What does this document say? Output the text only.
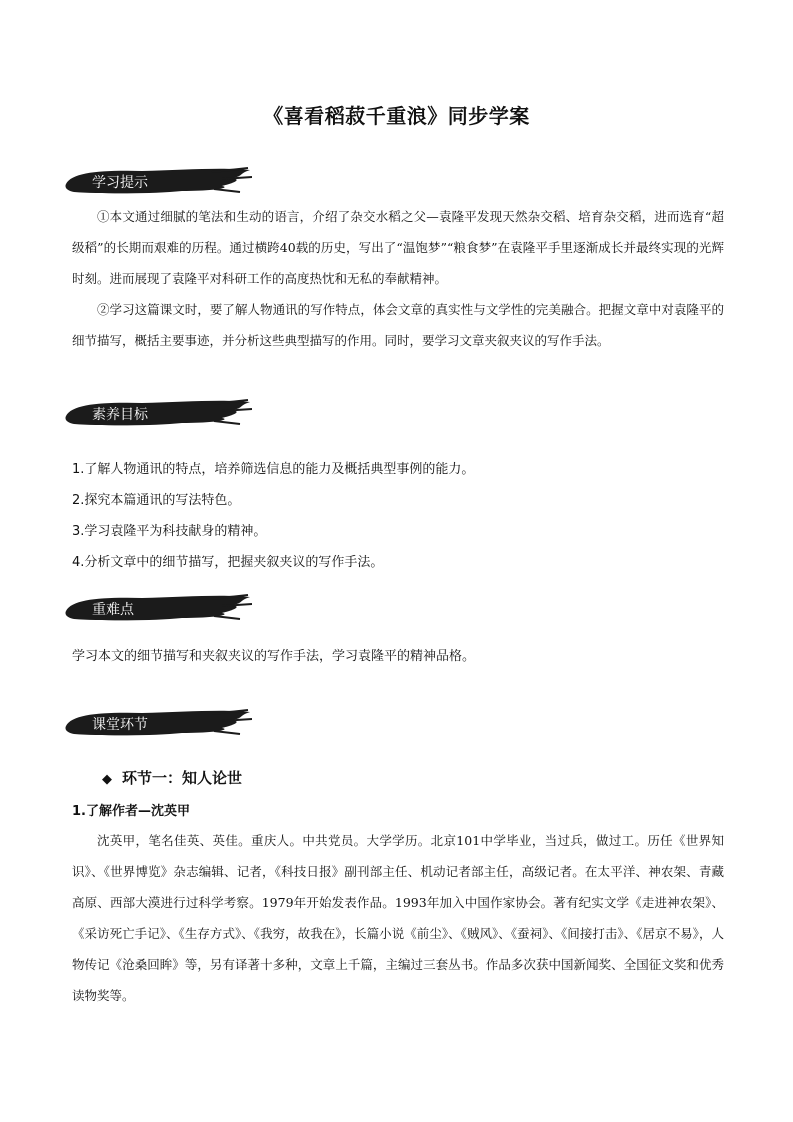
《喜看稻菽千重浪》同步学案
学习提示
①本文通过细腻的笔法和生动的语言，介绍了杂交水稻之父—袁隆平发现天然杂交稻、培育杂交稻，进而选育“超级稻”的长期而艰难的历程。通过横跨40载的历史，写出了“温饱梦”“粮食梦”在袁隆平手里逐渐成长并最终实现的光辉时刻。进而展现了袁隆平对科研工作的高度热忱和无私的奉献精神。
②学习这篇课文时，要了解人物通讯的写作特点，体会文章的真实性与文学性的完美融合。把握文章中对袁隆平的细节描写，概括主要事迹，并分析这些典型描写的作用。同时，要学习文章夹叙夹议的写作手法。
素养目标
1.了解人物通讯的特点，培养筛选信息的能力及概括典型事例的能力。
2.探究本篇通讯的写法特色。
3.学习袁隆平为科技献身的精神。
4.分析文章中的细节描写，把握夹叙夹议的写作手法。
重难点
学习本文的细节描写和夹叙夹议的写作手法，学习袁隆平的精神品格。
课堂环节
◆ 环节一：知人论世
1.了解作者—沈英甲
沈英甲，笔名佳英、英佳。重庆人。中共党员。大学学历。北京101中学毕业，当过兵，做过工。历任《世界知识》、《世界博览》杂志编辑、记者，《科技日报》副刊部主任、机动记者部主任，高级记者。在太平洋、神农架、青藏高原、西部大漠进行过科学考察。1979年开始发表作品。1993年加入中国作家协会。著有纪实文学《走进神农架》、《采访死亡手记》、《生存方式》、《我穷，故我在》，长篇小说《前尘》、《贼风》、《蚕祠》、《间接打击》、《居京不易》，人物传记《沧桑回眸》等，另有译著十多种，文章上千篇，主编过三套丛书。作品多次获中国新闻奖、全国征文奖和优秀读物奖等。
